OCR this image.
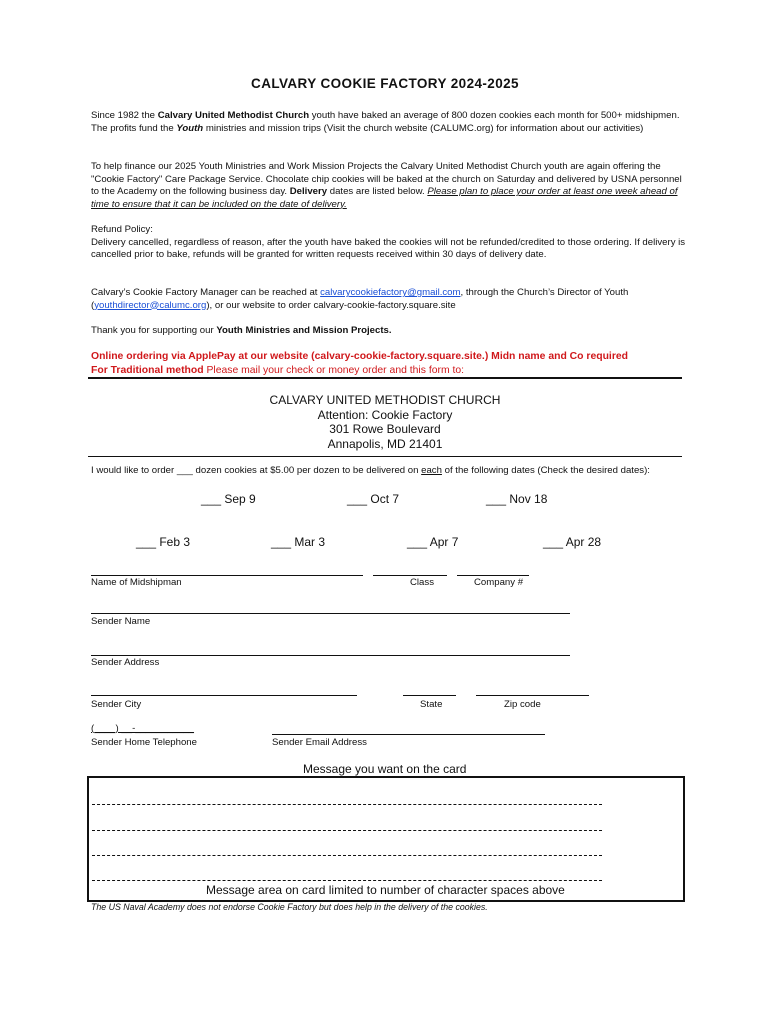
CALVARY COOKIE FACTORY 2024-2025
Since 1982 the Calvary United Methodist Church youth have baked an average of 800 dozen cookies each month for 500+ midshipmen. The profits fund the Youth ministries and mission trips (Visit the church website (CALUMC.org) for information about our activities)
To help finance our 2025 Youth Ministries and Work Mission Projects the Calvary United Methodist Church youth are again offering the "Cookie Factory" Care Package Service. Chocolate chip cookies will be baked at the church on Saturday and delivered by USNA personnel to the Academy on the following business day. Delivery dates are listed below. Please plan to place your order at least one week ahead of time to ensure that it can be included on the date of delivery.
Refund Policy:
Delivery cancelled, regardless of reason, after the youth have baked the cookies will not be refunded/credited to those ordering. If delivery is cancelled prior to bake, refunds will be granted for written requests received within 30 days of delivery date.
Calvary’s Cookie Factory Manager can be reached at calvarycookiefactory@gmail.com, through the Church’s Director of Youth (youthdirector@calumc.org), or our website to order calvary-cookie-factory.square.site
Thank you for supporting our Youth Ministries and Mission Projects.
Online ordering via ApplePay at our website (calvary-cookie-factory.square.site.) Midn name and Co required
For Traditional method Please mail your check or money order and this form to:
CALVARY UNITED METHODIST CHURCH
Attention: Cookie Factory
301 Rowe Boulevard
Annapolis, MD 21401
I would like to order ___ dozen cookies at $5.00 per dozen to be delivered on each of the following dates (Check the desired dates):
___ Sep 9	___ Oct 7	___ Nov 18
___ Feb 3	___ Mar 3	___ Apr 7	___ Apr 28
Name of Midshipman	Class	Company #
Sender Name
Sender Address
Sender City	State	Zip code
(____) __-___________
Sender Home Telephone	Sender Email Address
Message you want on the card
Message area on card limited to number of character spaces above
The US Naval Academy does not endorse Cookie Factory but does help in the delivery of the cookies.
